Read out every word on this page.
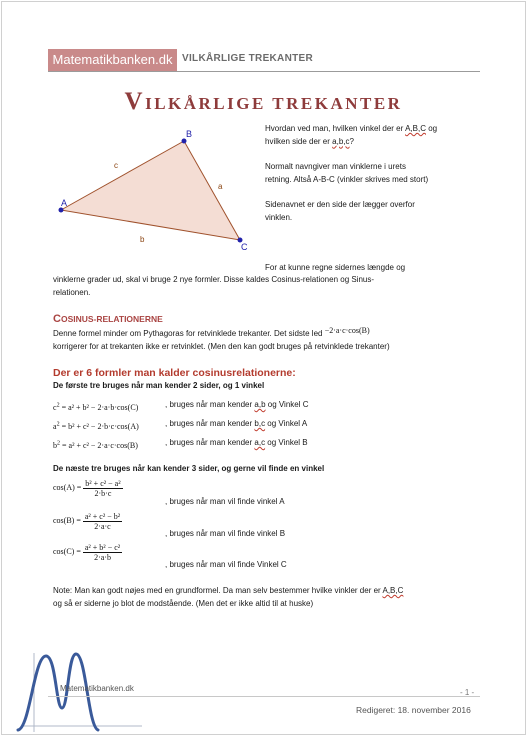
Matematikbanken.dk VILKÅRLIGE TREKANTER
VILKÅRLIGE TREKANTER
A
B
C
a
b
c
Hvordan ved man, hvilken vinkel der er A,B,C og
hvilken side der er a,b,c?
Normalt navngiver man vinklerne i urets
retning. Altså A-B-C (vinkler skrives med stort)
Sidenavnet er den side der lægger overfor
vinklen.
For at kunne regne sidernes længde og
vinklerne grader ud, skal vi bruge 2 nye formler. Disse kaldes Cosinus-relationen og Sinus-
relationen.
COSINUS-RELATIONERNE
Denne formel minder om Pythagoras for retvinklede trekanter. Det sidste led −2·a·c·cos(B)
korrigerer for at trekanten ikke er retvinklet. (Men den kan godt bruges på retvinklede trekanter)
Der er 6 formler man kalder cosinusrelationerne:
De første tre bruges når man kender 2 sider, og 1 vinkel
$c^2 = a^2 + b^2 - 2\cdot a\cdot b\cdot\cos(C)$	, bruges når man kender a,b og Vinkel C
$a^2 = b^2 + c^2 - 2\cdot b\cdot c\cdot\cos(A)$	, bruges når man kender b,c og Vinkel A
$b^2 = a^2 + c^2 - 2\cdot a\cdot c\cdot\cos(B)$	, bruges når man kender a,c og Vinkel B
De næste tre bruges når kan kender 3 sider, og gerne vil finde en vinkel
$\cos(A) = \frac{\text{b² + c² − a²}}{2\cdot b\cdot c}$
, bruges når man vil finde vinkel A
$\cos(B) = \frac{\text{a² + c² − b²}}{2\cdot a\cdot c}$
, bruges når man vil finde vinkel B
$\cos(C) = \frac{\text{a² + b² − c²}}{2\cdot a\cdot b}$
, bruges når man vil finde Vinkel C
Note: Man kan godt nøjes med en grundformel. Da man selv bestemmer hvilke vinkler der er A,B,C
og så er siderne jo blot de modstående. (Men det er ikke altid til at huske)
Matematikbanken.dk	- 1 -
Redigeret: 18. november 2016
